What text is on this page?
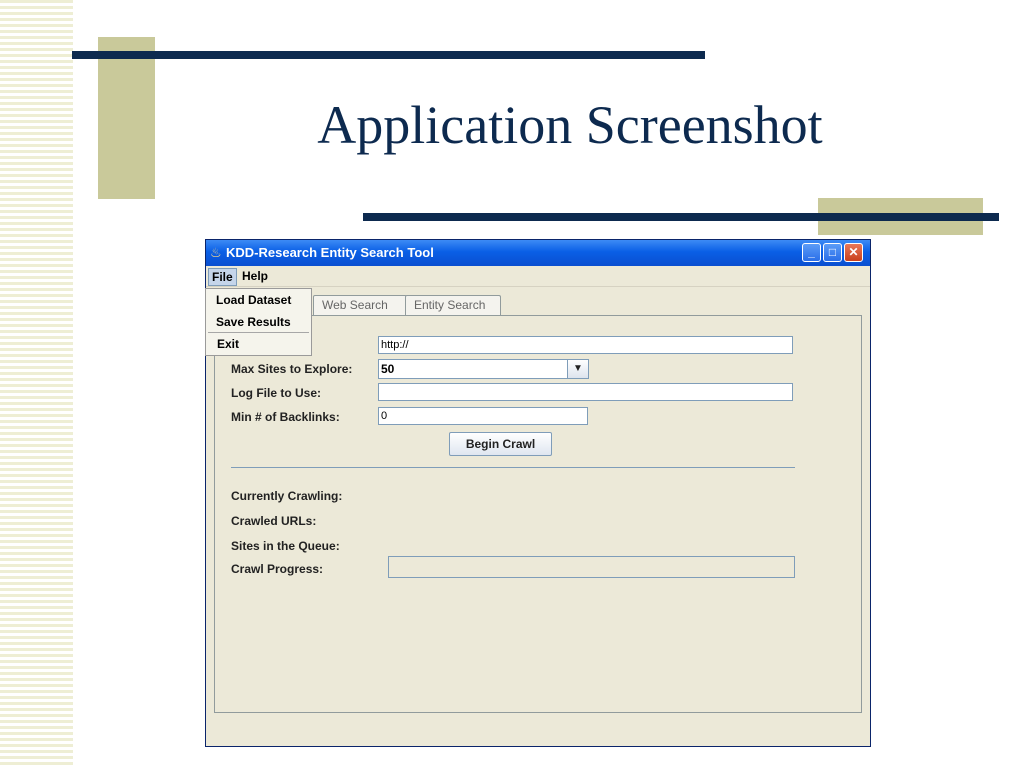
Application Screenshot
♨ KDD-Research Entity Search Tool	_	□	✕
File Help
Web Search	Entity Search
http://
Max Sites to Explore: 50	▼
Log File to Use:
Min # of Backlinks:	0
Begin Crawl
Currently Crawling:
Crawled URLs:
Sites in the Queue:
Crawl Progress:
Load Dataset
Save Results
Exit
